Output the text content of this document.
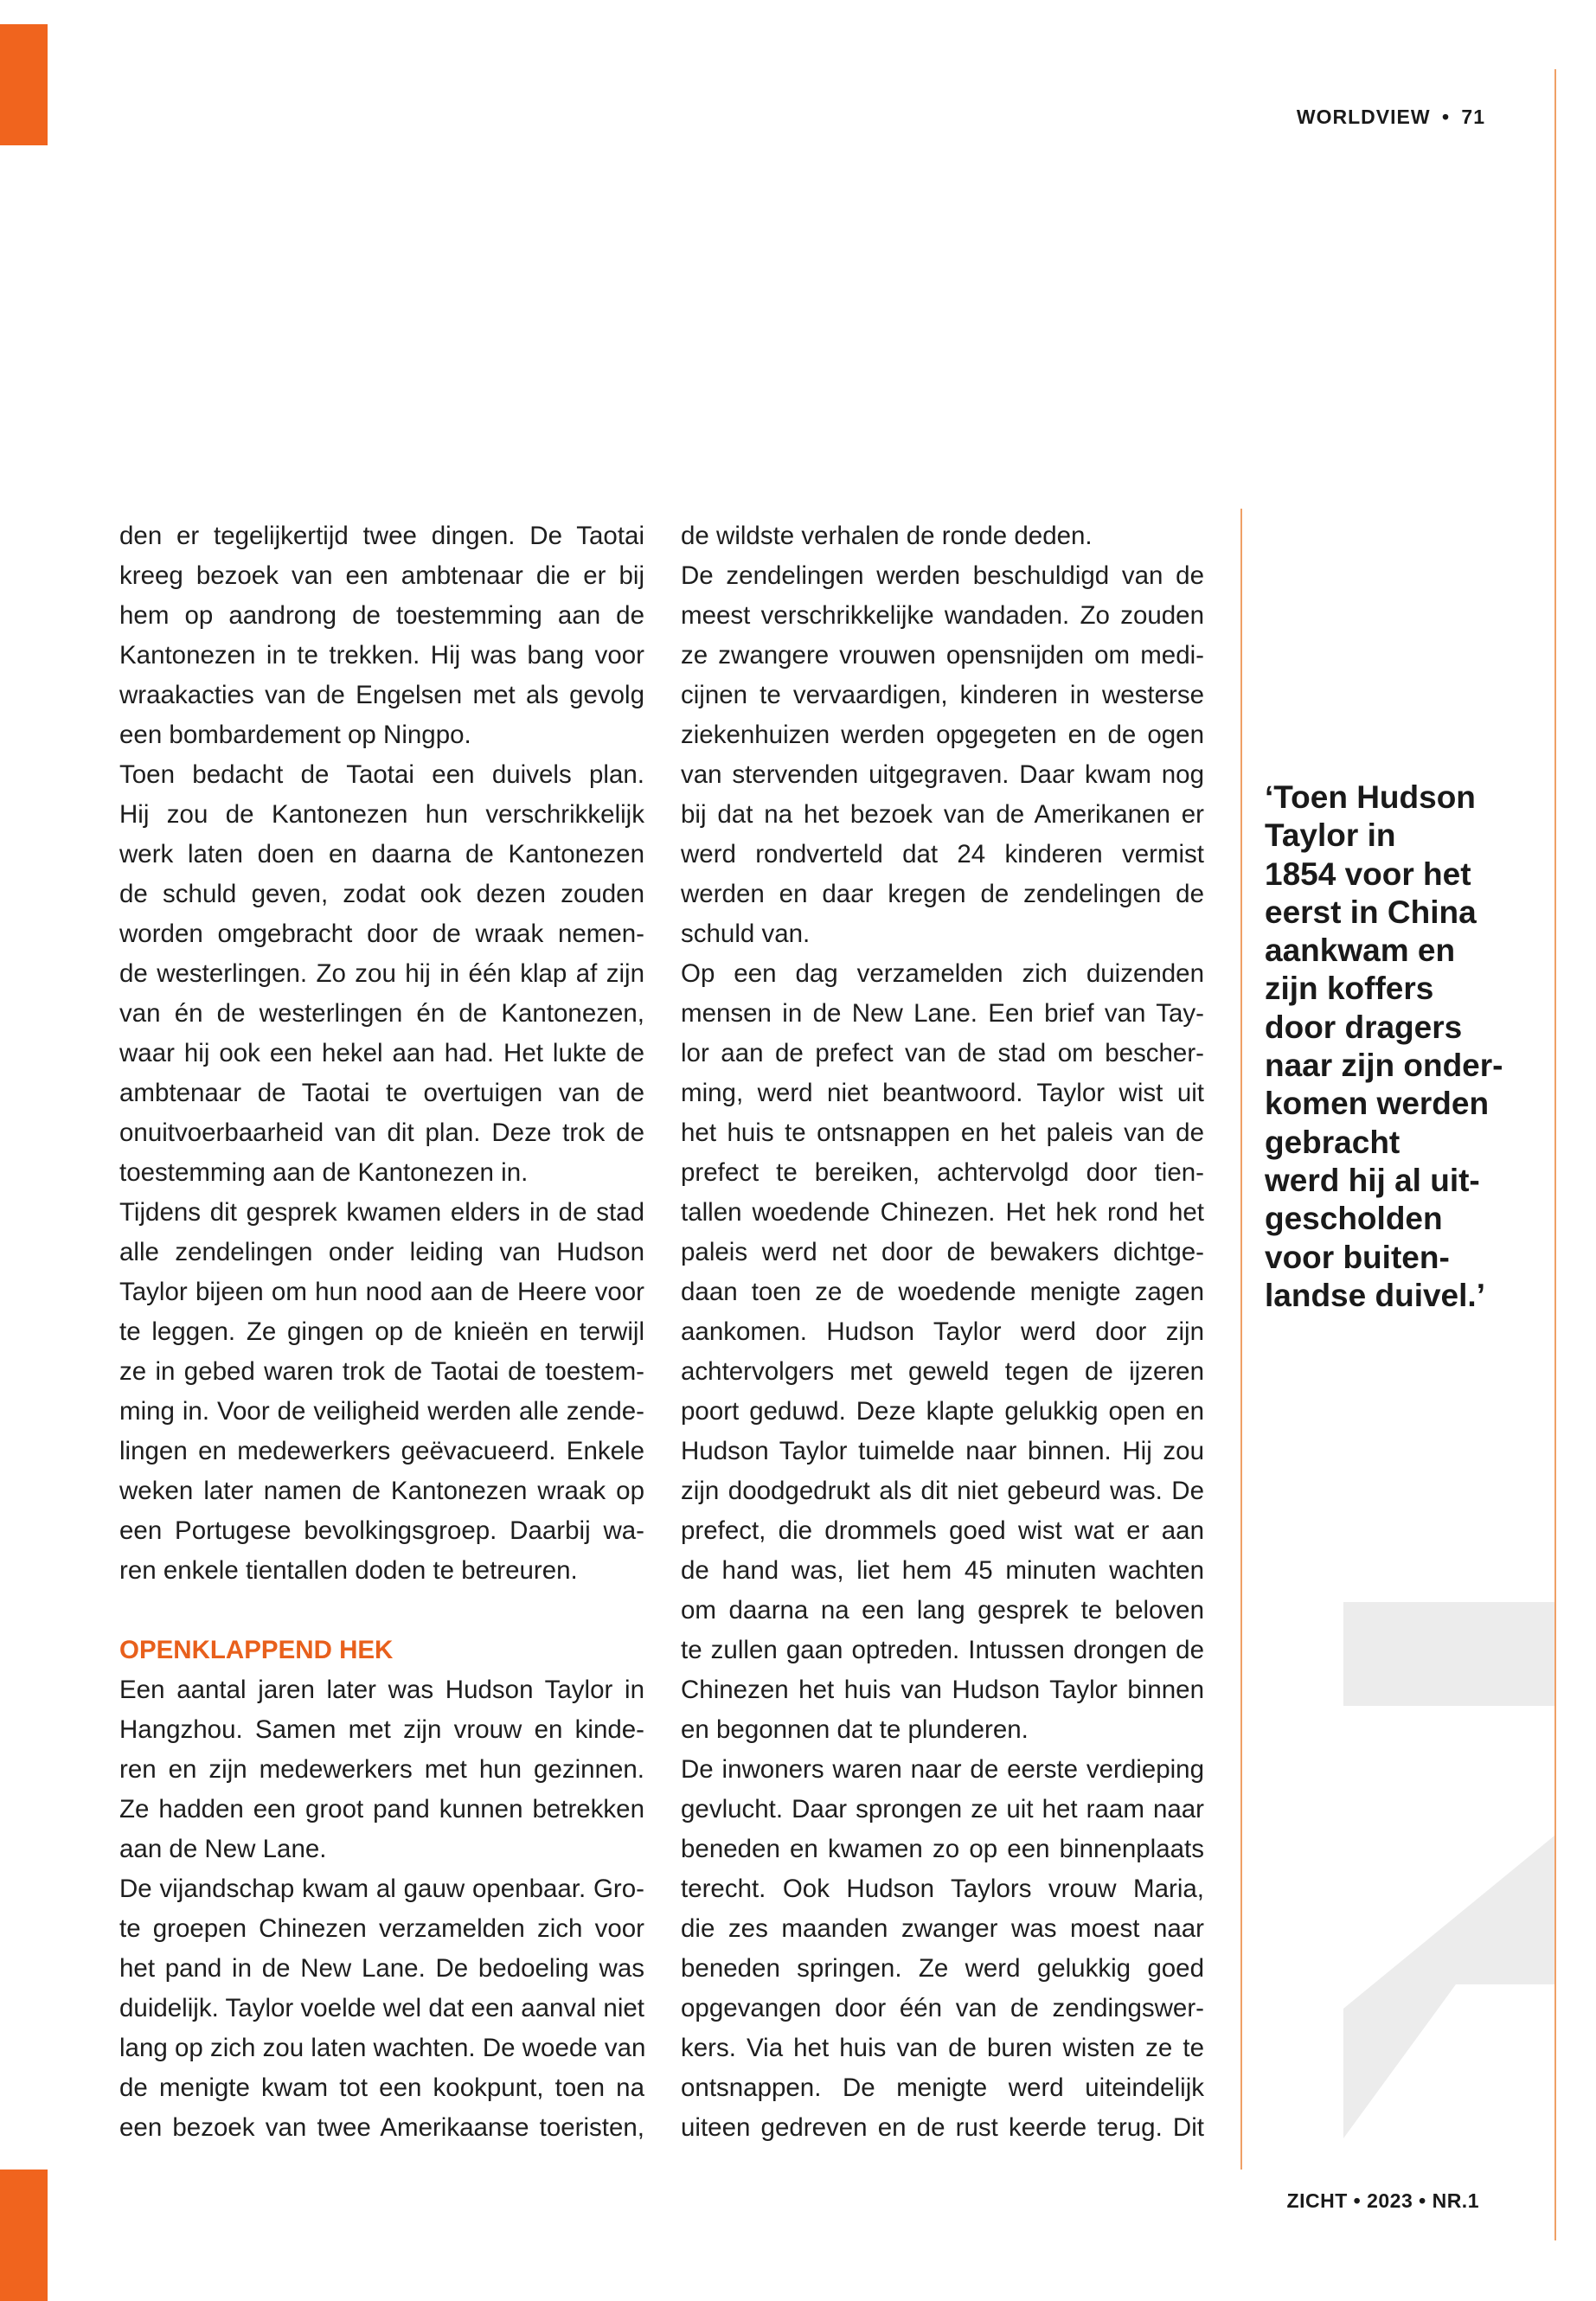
WORLDVIEW • 71
den er tegelijkertijd twee dingen. De Taotai
kreeg bezoek van een ambtenaar die er bij
hem op aandrong de toestemming aan de
Kantonezen in te trekken. Hij was bang voor
wraakacties van de Engelsen met als gevolg
een bombardement op Ningpo.
Toen bedacht de Taotai een duivels plan.
Hij zou de Kantonezen hun verschrikkelijk
werk laten doen en daarna de Kantonezen
de schuld geven, zodat ook dezen zouden
worden omgebracht door de wraak nemen-
de westerlingen. Zo zou hij in één klap af zijn
van én de westerlingen én de Kantonezen,
waar hij ook een hekel aan had. Het lukte de
ambtenaar de Taotai te overtuigen van de
onuitvoerbaarheid van dit plan. Deze trok de
toestemming aan de Kantonezen in.
Tijdens dit gesprek kwamen elders in de stad
alle zendelingen onder leiding van Hudson
Taylor bijeen om hun nood aan de Heere voor
te leggen. Ze gingen op de knieën en terwijl
ze in gebed waren trok de Taotai de toestem-
ming in. Voor de veiligheid werden alle zende-
lingen en medewerkers geëvacueerd. Enkele
weken later namen de Kantonezen wraak op
een Portugese bevolkingsgroep. Daarbij wa-
ren enkele tientallen doden te betreuren.
OPENKLAPPEND HEK
Een aantal jaren later was Hudson Taylor in
Hangzhou. Samen met zijn vrouw en kinde-
ren en zijn medewerkers met hun gezinnen.
Ze hadden een groot pand kunnen betrekken
aan de New Lane.
De vijandschap kwam al gauw openbaar. Gro-
te groepen Chinezen verzamelden zich voor
het pand in de New Lane. De bedoeling was
duidelijk. Taylor voelde wel dat een aanval niet
lang op zich zou laten wachten. De woede van
de menigte kwam tot een kookpunt, toen na
een bezoek van twee Amerikaanse toeristen,
de wildste verhalen de ronde deden.
De zendelingen werden beschuldigd van de
meest verschrikkelijke wandaden. Zo zouden
ze zwangere vrouwen opensnijden om medi-
cijnen te vervaardigen, kinderen in westerse
ziekenhuizen werden opgegeten en de ogen
van stervenden uitgegraven. Daar kwam nog
bij dat na het bezoek van de Amerikanen er
werd rondverteld dat 24 kinderen vermist
werden en daar kregen de zendelingen de
schuld van.
Op een dag verzamelden zich duizenden
mensen in de New Lane. Een brief van Tay-
lor aan de prefect van de stad om bescher-
ming, werd niet beantwoord. Taylor wist uit
het huis te ontsnappen en het paleis van de
prefect te bereiken, achtervolgd door tien-
tallen woedende Chinezen. Het hek rond het
paleis werd net door de bewakers dichtge-
daan toen ze de woedende menigte zagen
aankomen. Hudson Taylor werd door zijn
achtervolgers met geweld tegen de ijzeren
poort geduwd. Deze klapte gelukkig open en
Hudson Taylor tuimelde naar binnen. Hij zou
zijn doodgedrukt als dit niet gebeurd was. De
prefect, die drommels goed wist wat er aan
de hand was, liet hem 45 minuten wachten
om daarna na een lang gesprek te beloven
te zullen gaan optreden. Intussen drongen de
Chinezen het huis van Hudson Taylor binnen
en begonnen dat te plunderen.
De inwoners waren naar de eerste verdieping
gevlucht. Daar sprongen ze uit het raam naar
beneden en kwamen zo op een binnenplaats
terecht. Ook Hudson Taylors vrouw Maria,
die zes maanden zwanger was moest naar
beneden springen. Ze werd gelukkig goed
opgevangen door één van de zendingswer-
kers. Via het huis van de buren wisten ze te
ontsnappen. De menigte werd uiteindelijk
uiteen gedreven en de rust keerde terug. Dit
‘Toen Hudson
Taylor in
1854 voor het
eerst in China
aankwam en
zijn koffers
door dragers
naar zijn onder-
komen werden
gebracht
werd hij al uit-
gescholden
voor buiten-
landse duivel.’
ZICHT • 2023 • NR.1
